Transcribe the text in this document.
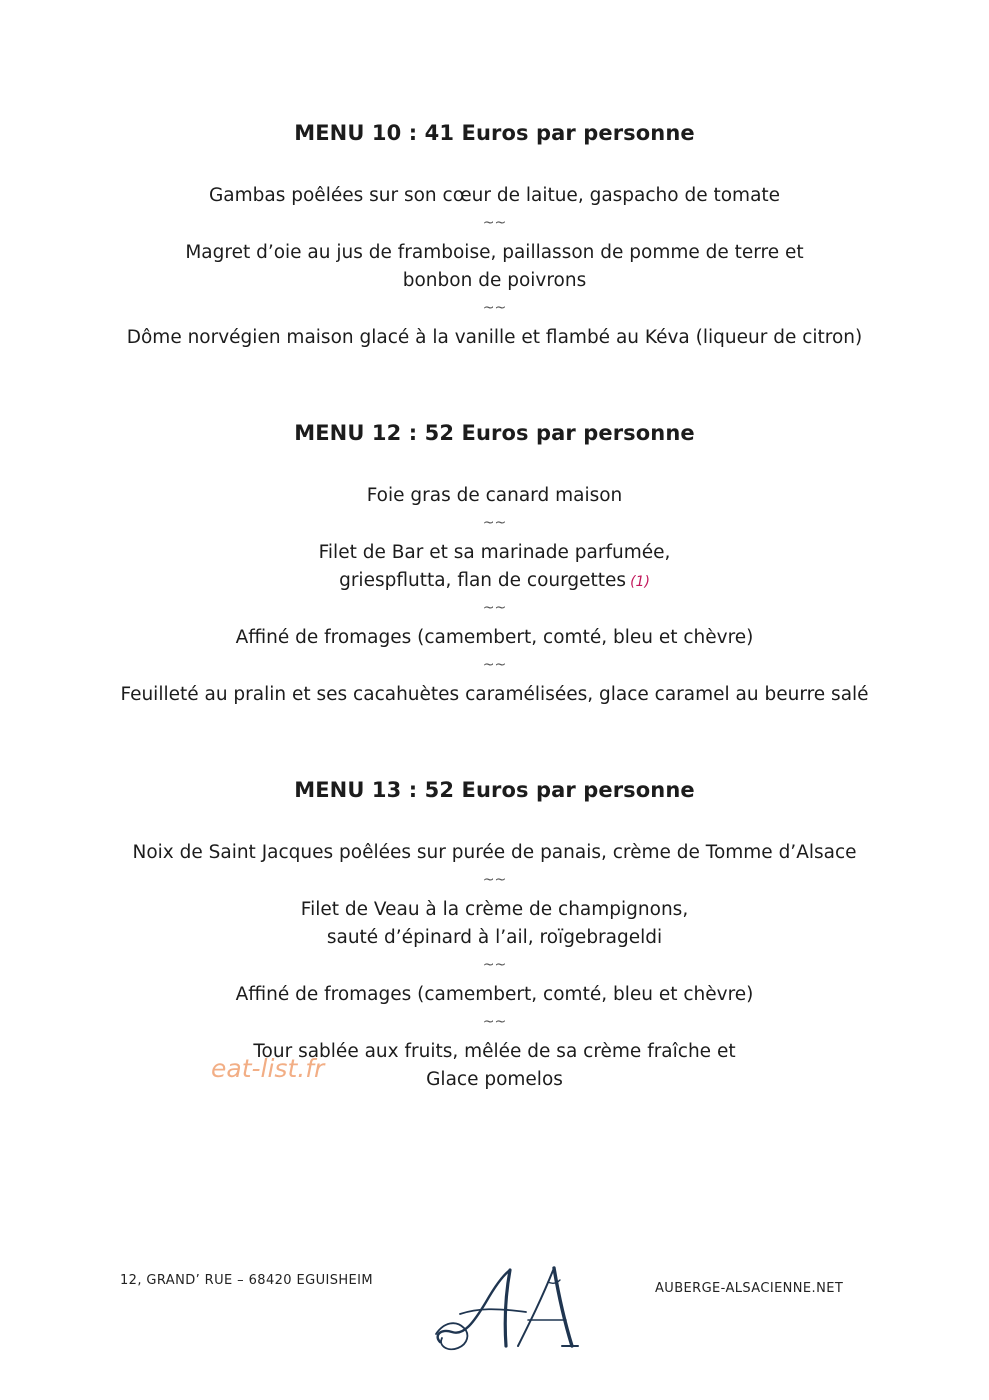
MENU 10 : 41 Euros par personne

Gambas poêlées sur son cœur de laitue, gaspacho de tomate

~~

Magret d’oie au jus de framboise, paillasson de pomme de terre et

bonbon de poivrons

~~

Dôme norvégien maison glacé à la vanille et flambé au Kéva (liqueur de citron)

MENU 12 : 52 Euros par personne

Foie gras de canard maison

~~

Filet de Bar et sa marinade parfumée,

griespflutta, flan de courgettes (1)

~~

Affiné de fromages (camembert, comté, bleu et chèvre)

~~

Feuilleté au pralin et ses cacahuètes caramélisées, glace caramel au beurre salé

MENU 13 : 52 Euros par personne

Noix de Saint Jacques poêlées sur purée de panais, crème de Tomme d’Alsace

~~

Filet de Veau à la crème de champignons,

sauté d’épinard à l’ail, roïgebrageldi

~~

Affiné de fromages (camembert, comté, bleu et chèvre)

~~

Tour sablée aux fruits, mêlée de sa crème fraîche et

Glace pomelos

eat-list.fr
12, GRAND’ RUE – 68420 EGUISHEIM
AUBERGE-ALSACIENNE.NET
